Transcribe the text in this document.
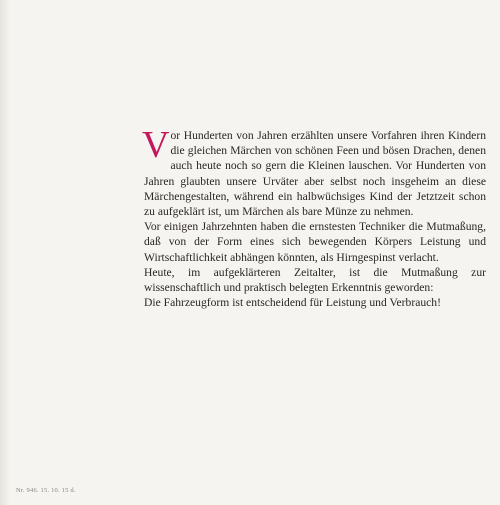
Vor Hunderten von Jahren erzählten unsere Vorfahren ihren Kindern die gleichen Märchen von schönen Feen und bösen Drachen, denen auch heute noch so gern die Kleinen lauschen. Vor Hunderten von Jahren glaubten unsere Urväter aber selbst noch insgeheim an diese Märchengestalten, während ein halbwüchsiges Kind der Jetztzeit schon zu aufgeklärt ist, um Märchen als bare Münze zu nehmen.

Vor einigen Jahrzehnten haben die ernstesten Techniker die Mutmaßung, daß von der Form eines sich bewegenden Körpers Leistung und Wirtschaftlichkeit abhängen könnten, als Hirngespinst verlacht.

Heute, im aufgeklärteren Zeitalter, ist die Mutmaßung zur wissenschaftlich und praktisch belegten Erkenntnis geworden:

Die Fahrzeugform ist entscheidend für Leistung und Verbrauch!

Nr. 946. 15. 10. 15 d.
